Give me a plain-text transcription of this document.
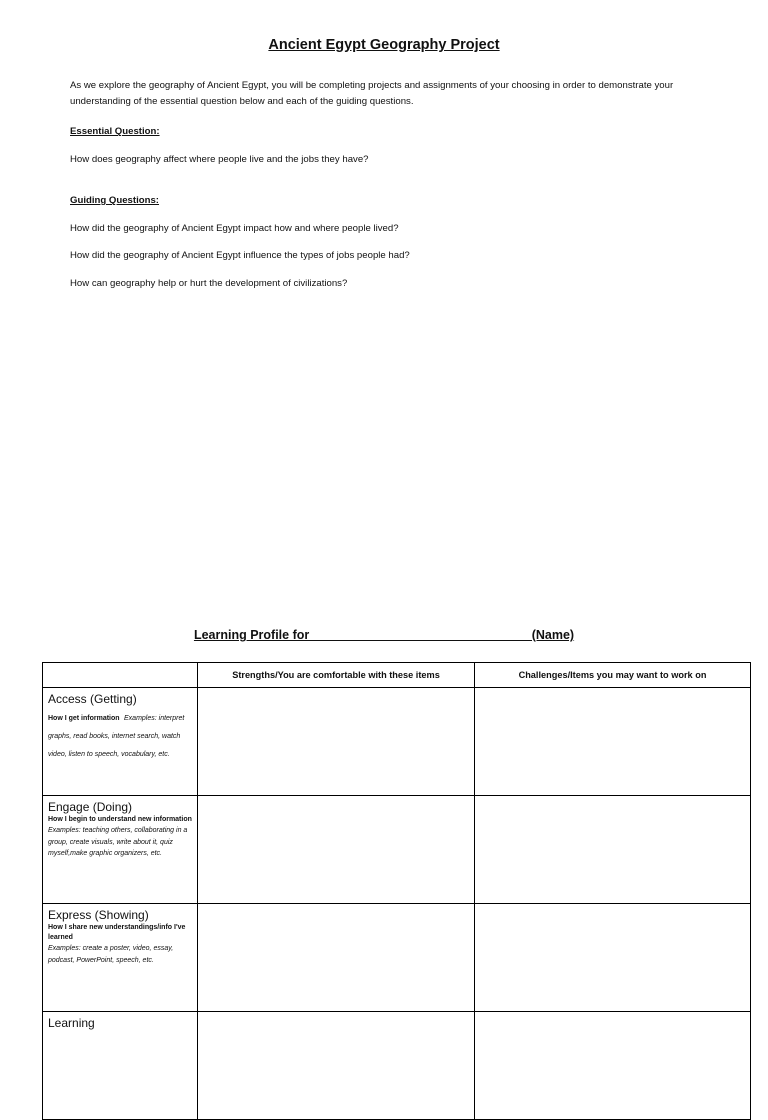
Ancient Egypt Geography Project
As we explore the geography of Ancient Egypt, you will be completing projects and assignments of your choosing in order to demonstrate your understanding of the essential question below and each of the guiding questions.
Essential Question:
How does geography affect where people live and the jobs they have?
Guiding Questions:
How did the geography of Ancient Egypt impact how and where people lived?
How did the geography of Ancient Egypt influence the types of jobs people had?
How can geography help or hurt the development of civilizations?
Learning Profile for________________________________(Name)
	Strengths/You are comfortable with these items	Challenges/Items you may want to work on

Access (Getting)
How I get information Examples: interpret graphs, read books, internet search, watch video, listen to speech, vocabulary, etc.		

Engage (Doing)
How I begin to understand new information
Examples: teaching others, collaborating in a group, create visuals, write about it, quiz myself,make graphic organizers, etc.		

Express (Showing)
How I share new understandings/info I've learned
Examples: create a poster, video, essay, podcast, PowerPoint, speech, etc.		

Learning		
